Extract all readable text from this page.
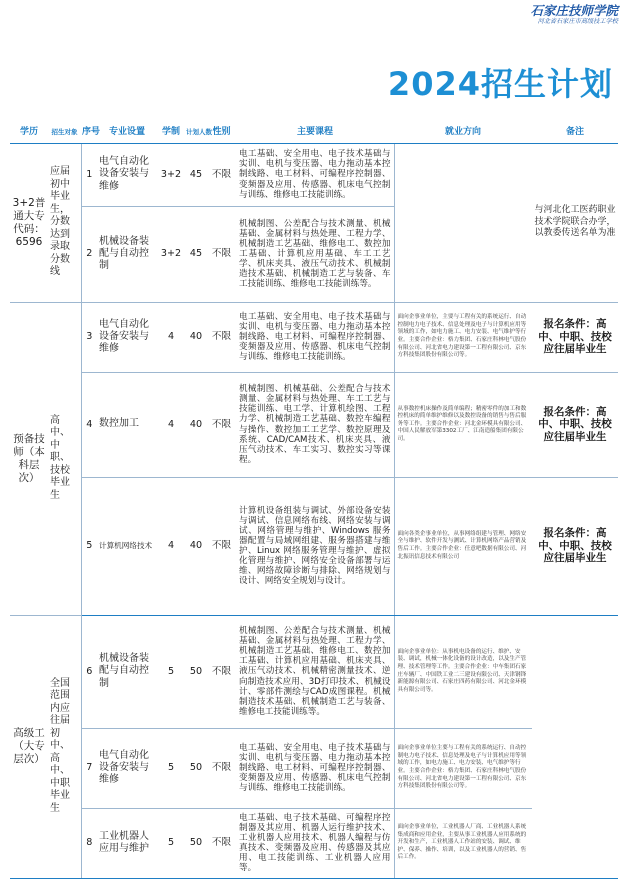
石家庄技师学院
河北省石家庄市高级技工学校
2024招生计划
学历	招生对象	序号	专业设置	学制	计划人数	性别	主要课程	就业方向	备注
3+2普通大专代码：6596	应届初中毕业生，分数达到录取分数线	1	电气自动化设备安装与维修	3+2	45	不限	电工基础、安全用电、电子技术基础与实训、电机与变压器、电力拖动基本控制线路、电工材料、可编程序控制器、变频器及应用、传感器、机床电气控制与训练、维修电工技能训练。		与河北化工医药职业技术学院联合办学，以教委传送名单为准
		2	机械设备装配与自动控制	3+2	45	不限	机械制图、公差配合与技术测量、机械基础、金属材料与热处理、工程力学、机械制造工艺基础、维修电工、数控加工基础、计算机应用基础、车工工艺学、机床夹具、液压气动技术、机械制造技术基础、机械制造工艺与装备、车工技能训练、维修电工技能训练等。		
预备技师（本科层次）	高中、中职、技校毕业生	3	电气自动化设备安装与维修	4	40	不限	电工基础、安全用电、电子技术基础与实训、电机与变压器、电力拖动基本控制线路、电工材料、可编程序控制器、变频器及应用、传感器、机床电气控制与训练、维修电工技能训练。	面向企事业单位，主要与工程有关的系统运行、自动控制电力电子技术、信息处理及电子与计算机应用等领域的工作，如电力施工、电力安装、电气维护等行业。主要合作企业：格力集团、石家庄科林电气股份有限公司、河北省电力建设第一工程有限公司、京东方科技集团股份有限公司等。	报名条件：高中、中职、技校应往届毕业生
		4	数控加工	4	40	不限	机械制图、机械基础、公差配合与技术测量、金属材料与热处理、车工工艺与技能训练、电工学、计算机绘图、工程力学、机械制造工艺基础、数控车编程与操作、数控加工工艺学、数控原理及系统、CAD/CAM技术、机床夹具、液压气动技术、车工实习、数控实习等课程。	从事数控机床操作及简单编程；精密零件的加工和数控机床的简单维护维修以及数控设备的销售与售后服务等工作。主要合作企业：河北金环模具有限公司、中国人民解放军第3302工厂、江南造船集团有限公司。	报名条件：高中、中职、技校应往届毕业生
		5	计算机网络技术	4	40	不限	计算机设备组装与调试、外部设备安装与调试、信息网络布线、网络安装与调试、网络管理与维护、Windows 服务器配置与局域网组建、服务器搭建与维护、Linux 网络服务管理与维护、虚拟化管理与维护、网络安全设备部署与运维、网络故障诊断与排除、网络规划与设计、网络安全规划与设计。	面向各类企事业单位，从事网络组建与管理、网络安全与维护、软件开发与测试、计算机网络产品营销及售后工作。主要合作企业：任意吧数据有限公司、河北振讯信息技术有限公司	报名条件：高中、中职、技校应往届毕业生
高级工（大专层次）	全国范围内应往届初中、高中、中职毕业生	6	机械设备装配与自动控制	5	50	不限	机械制图、公差配合与技术测量、机械基础、金属材料与热处理、工程力学、机械制造工艺基础、维修电工、数控加工基础、计算机应用基础、机床夹具、液压气动技术、机械精密测量技术、逆向制造技术应用、3D打印技术、机械设计、零部件测绘与CAD成图课程。机械制造技术基础、机械制造工艺与装备、维修电工技能训练等。	面向企事业单位：从事机电设备的运行、维护、安装、调试，机械一体化设备的设计改造，以及生产管理、技术管理等工作。主要合作企业：中车集团石家庄车辆厂、中国铁工业二三建设有限公司、天津钢锋新能源有限公司、石家庄四药有限公司、河北金环模具有限公司等。	
		7	电气自动化设备安装与维修	5	50	不限	电工基础、安全用电、电子技术基础与实训、电机与变压器、电力拖动基本控制线路、电工材料、可编程序控制器、变频器及应用、传感器、机床电气控制与训练、维修电工技能训练。	面向企事业单位主要与工程有关的系统运行、自动控制电力电子技术、信息处理及电子与计算机应用等领域的工作，如电力施工、电力安装、电气维护等行业。主要合作企业：格力集团、石家庄科林电气股份有限公司、河北省电力建设第一工程有限公司、京东方科技集团股份有限公司等。	
		8	工业机器人应用与维护	5	50	不限	电工基础、电子技术基础、可编程序控制器及其应用、机器人运行维护技术、工业机器人应用技术、机器人编程与仿真技术、变频器及应用、传感器及其应用、电工技能训练、工业机器人应用等。	面向企事业单位，工业机器人厂商、工业机器人系统集成商和应用企业，主要从事工业机器人应用系统的开发和生产，工业机器人工作站的安装、调试、维护、保养、操作、培训，以及工业机器人的营销、售后工作。	
